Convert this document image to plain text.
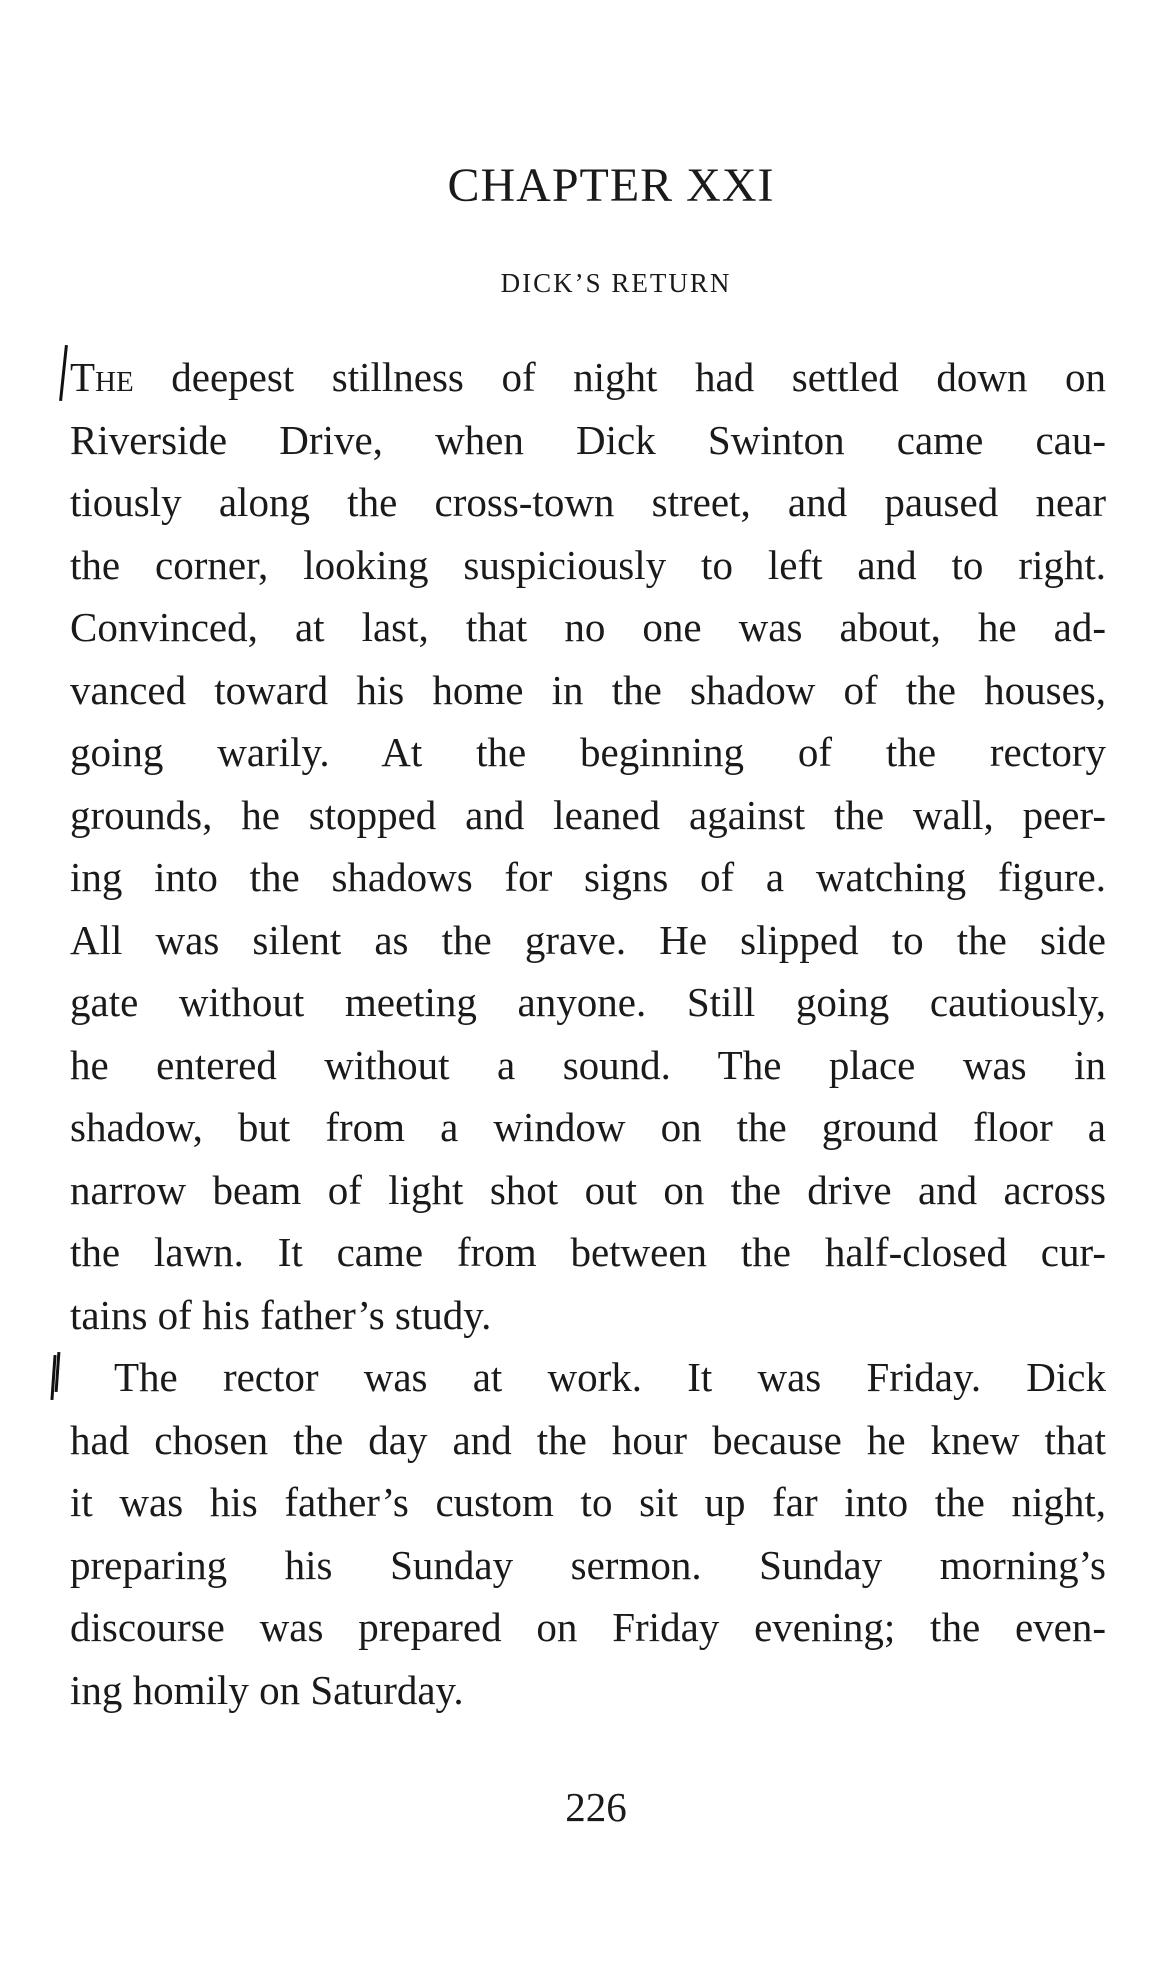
CHAPTER XXI
DICK’S RETURN
The deepest stillness of night had settled down on
Riverside Drive, when Dick Swinton came cau-
tiously along the cross-town street, and paused near
the corner, looking suspiciously to left and to right.
Convinced, at last, that no one was about, he ad-
vanced toward his home in the shadow of the houses,
going warily. At the beginning of the rectory
grounds, he stopped and leaned against the wall, peer-
ing into the shadows for signs of a watching figure.
All was silent as the grave. He slipped to the side
gate without meeting anyone. Still going cautiously,
he entered without a sound. The place was in
shadow, but from a window on the ground floor a
narrow beam of light shot out on the drive and across
the lawn. It came from between the half-closed cur-
tains of his father’s study.
The rector was at work. It was Friday. Dick
had chosen the day and the hour because he knew that
it was his father’s custom to sit up far into the night,
preparing his Sunday sermon. Sunday morning’s
discourse was prepared on Friday evening; the even-
ing homily on Saturday.
226
